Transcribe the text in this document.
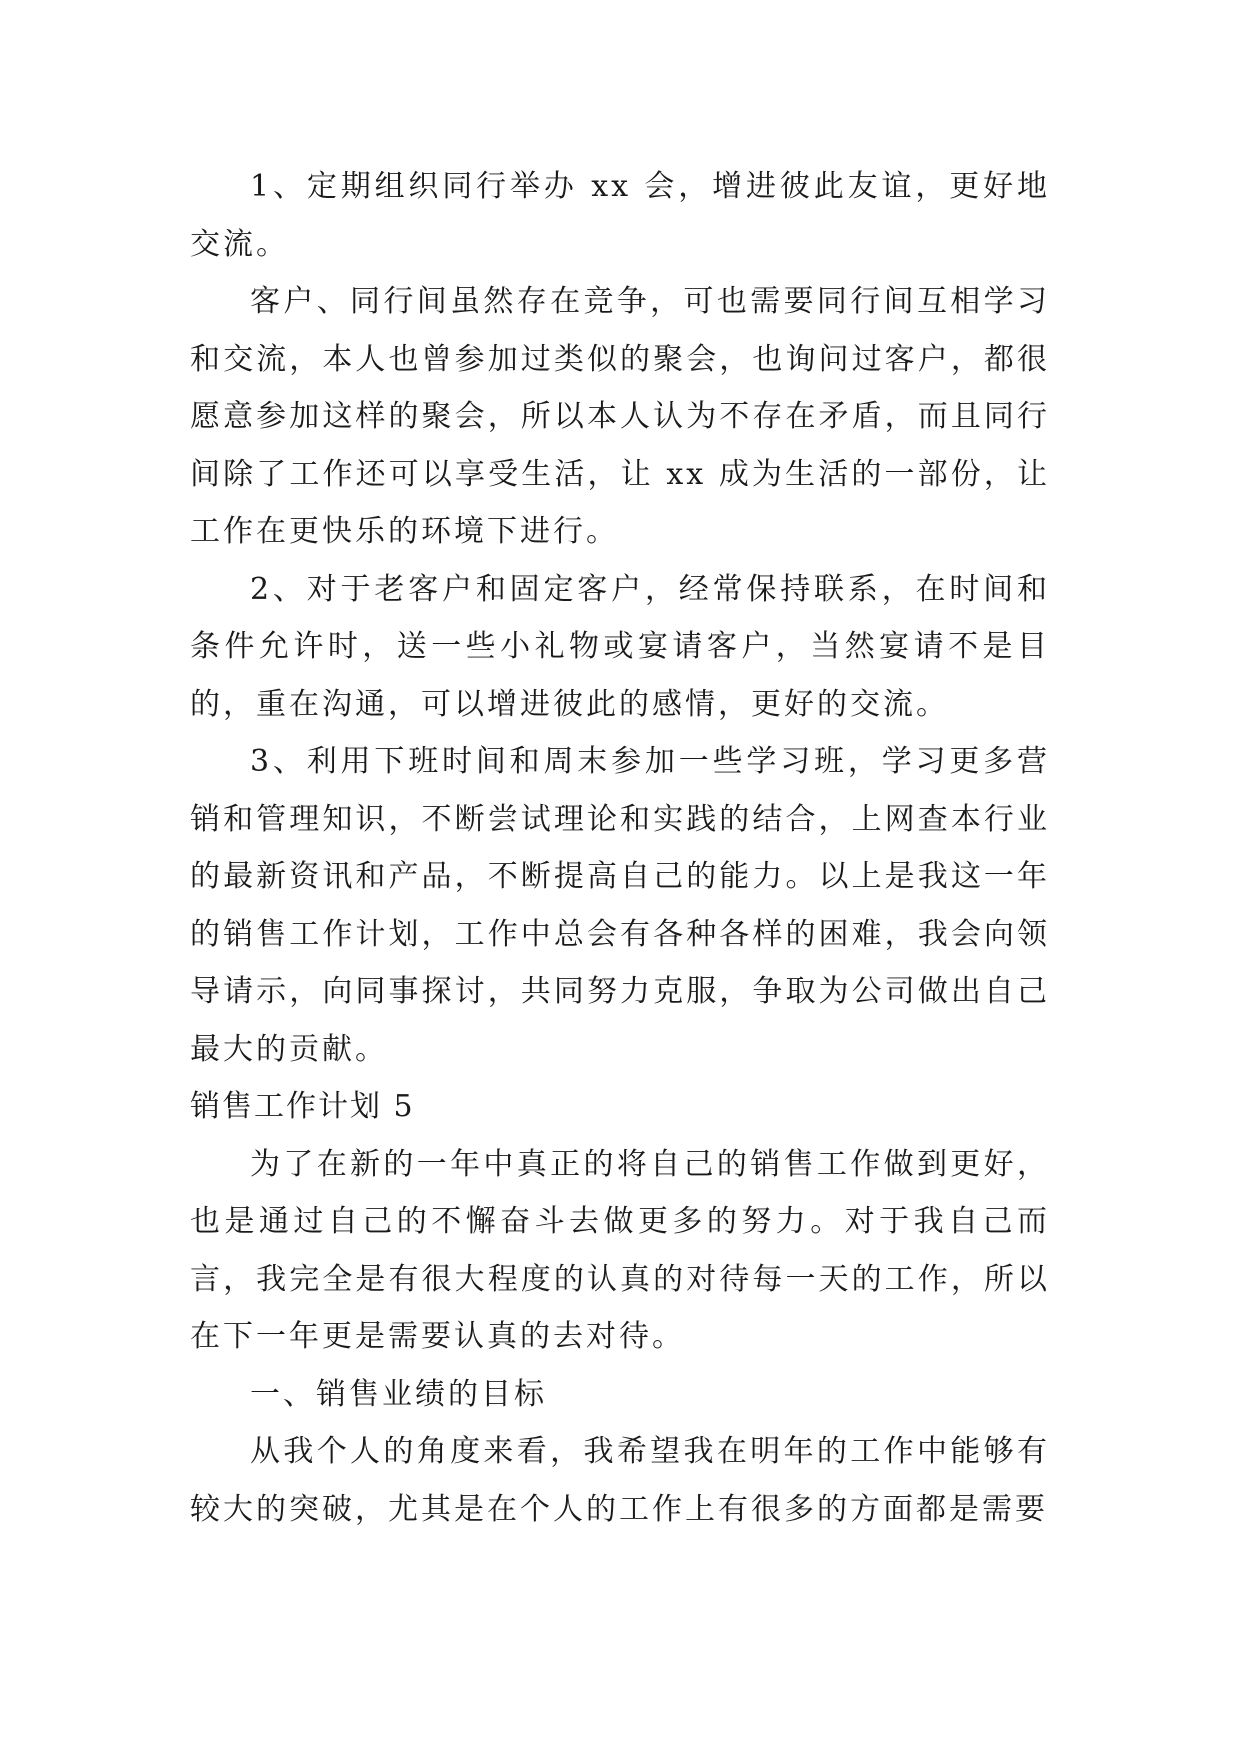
1、定期组织同行举办 xx 会，增进彼此友谊，更好地交流。

客户、同行间虽然存在竞争，可也需要同行间互相学习和交流，本人也曾参加过类似的聚会，也询问过客户，都很愿意参加这样的聚会，所以本人认为不存在矛盾，而且同行间除了工作还可以享受生活，让 xx 成为生活的一部份，让工作在更快乐的环境下进行。

2、对于老客户和固定客户，经常保持联系，在时间和条件允许时，送一些小礼物或宴请客户，当然宴请不是目的，重在沟通，可以增进彼此的感情，更好的交流。

3、利用下班时间和周末参加一些学习班，学习更多营销和管理知识，不断尝试理论和实践的结合，上网查本行业的最新资讯和产品，不断提高自己的能力。以上是我这一年的销售工作计划，工作中总会有各种各样的困难，我会向领导请示，向同事探讨，共同努力克服，争取为公司做出自己最大的贡献。

销售工作计划 5

为了在新的一年中真正的将自己的销售工作做到更好，也是通过自己的不懈奋斗去做更多的努力。对于我自己而言，我完全是有很大程度的认真的对待每一天的工作，所以在下一年更是需要认真的去对待。

一、销售业绩的目标

从我个人的角度来看，我希望我在明年的工作中能够有较大的突破，尤其是在个人的工作上有很多的方面都是需要
